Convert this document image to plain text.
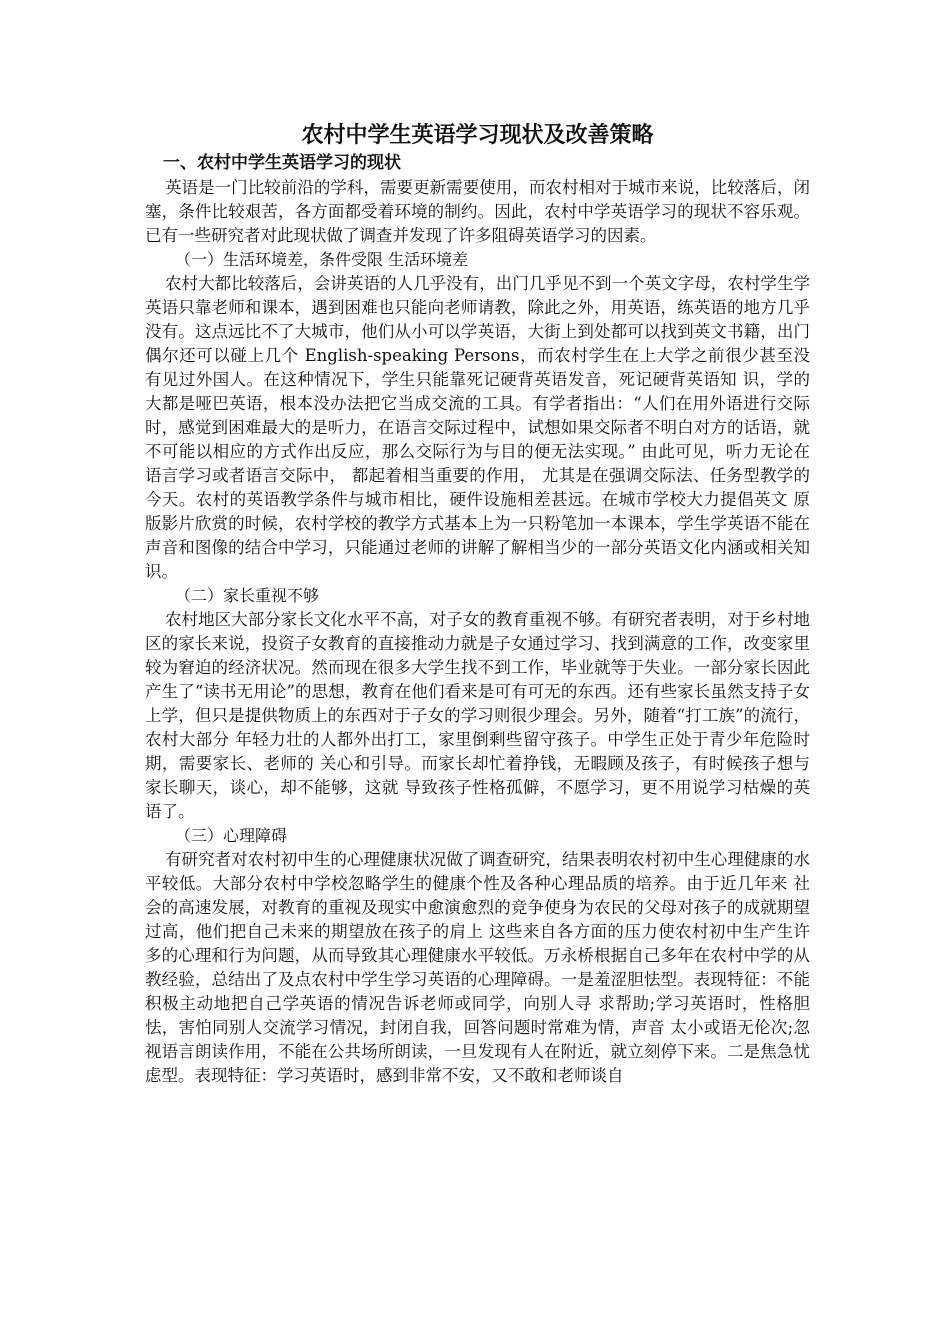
农村中学生英语学习现状及改善策略
一、农村中学生英语学习的现状

英语是一门比较前沿的学科，需要更新需要使用，而农村相对于城市来说，比较落后，闭塞，条件比较艰苦，各方面都受着环境的制约。因此，农村中学英语学习的现状不容乐观。已有一些研究者对此现状做了调查并发现了许多阻碍英语学习的因素。

（一）生活环境差，条件受限 生活环境差

农村大都比较落后，会讲英语的人几乎没有，出门几乎见不到一个英文字母，农村学生学英语只靠老师和课本，遇到困难也只能向老师请教，除此之外，用英语，练英语的地方几乎没有。这点远比不了大城市，他们从小可以学英语，大街上到处都可以找到英文书籍，出门偶尔还可以碰上几个 English-speaking Persons，而农村学生在上大学之前很少甚至没有见过外国人。在这种情况下，学生只能靠死记硬背英语发音，死记硬背英语知 识，学的大都是哑巴英语，根本没办法把它当成交流的工具。有学者指出：“人们在用外语进行交际时，感觉到困难最大的是听力，在语言交际过程中，试想如果交际者不明白对方的话语，就 不可能以相应的方式作出反应，那么交际行为与目的便无法实现。” 由此可见，听力无论在语言学习或者语言交际中， 都起着相当重要的作用， 尤其是在强调交际法、任务型教学的今天。农村的英语教学条件与城市相比，硬件设施相差甚远。在城市学校大力提倡英文 原版影片欣赏的时候，农村学校的教学方式基本上为一只粉笔加一本课本，学生学英语不能在声音和图像的结合中学习，只能通过老师的讲解了解相当少的一部分英语文化内涵或相关知识。

（二）家长重视不够

农村地区大部分家长文化水平不高，对子女的教育重视不够。有研究者表明，对于乡村地区的家长来说，投资子女教育的直接推动力就是子女通过学习、找到满意的工作，改变家里较为窘迫的经济状况。然而现在很多大学生找不到工作，毕业就等于失业。一部分家长因此 产生了“读书无用论”的思想，教育在他们看来是可有可无的东西。还有些家长虽然支持子女上学，但只是提供物质上的东西对于子女的学习则很少理会。另外，随着“打工族”的流行，农村大部分 年轻力壮的人都外出打工，家里倒剩些留守孩子。中学生正处于青少年危险时期，需要家长、老师的 关心和引导。而家长却忙着挣钱，无暇顾及孩子，有时候孩子想与家长聊天，谈心，却不能够，这就 导致孩子性格孤僻，不愿学习，更不用说学习枯燥的英语了。

（三）心理障碍

有研究者对农村初中生的心理健康状况做了调查研究，结果表明农村初中生心理健康的水平较低。大部分农村中学校忽略学生的健康个性及各种心理品质的培养。由于近几年来 社会的高速发展，对教育的重视及现实中愈演愈烈的竞争使身为农民的父母对孩子的成就期望过高，他们把自己未来的期望放在孩子的肩上 这些来自各方面的压力使农村初中生产生许多的心理和行为问题，从而导致其心理健康水平较低。万永桥根据自己多年在农村中学的从教经验，总结出了及点农村中学生学习英语的心理障碍。一是羞涩胆怯型。表现特征：不能积极主动地把自己学英语的情况告诉老师或同学，向别人寻 求帮助;学习英语时，性格胆怯，害怕同别人交流学习情况，封闭自我，回答问题时常难为情，声音 太小或语无伦次;忽视语言朗读作用，不能在公共场所朗读，一旦发现有人在附近，就立刻停下来。二是焦急忧虑型。表现特征：学习英语时，感到非常不安，又不敢和老师谈自
